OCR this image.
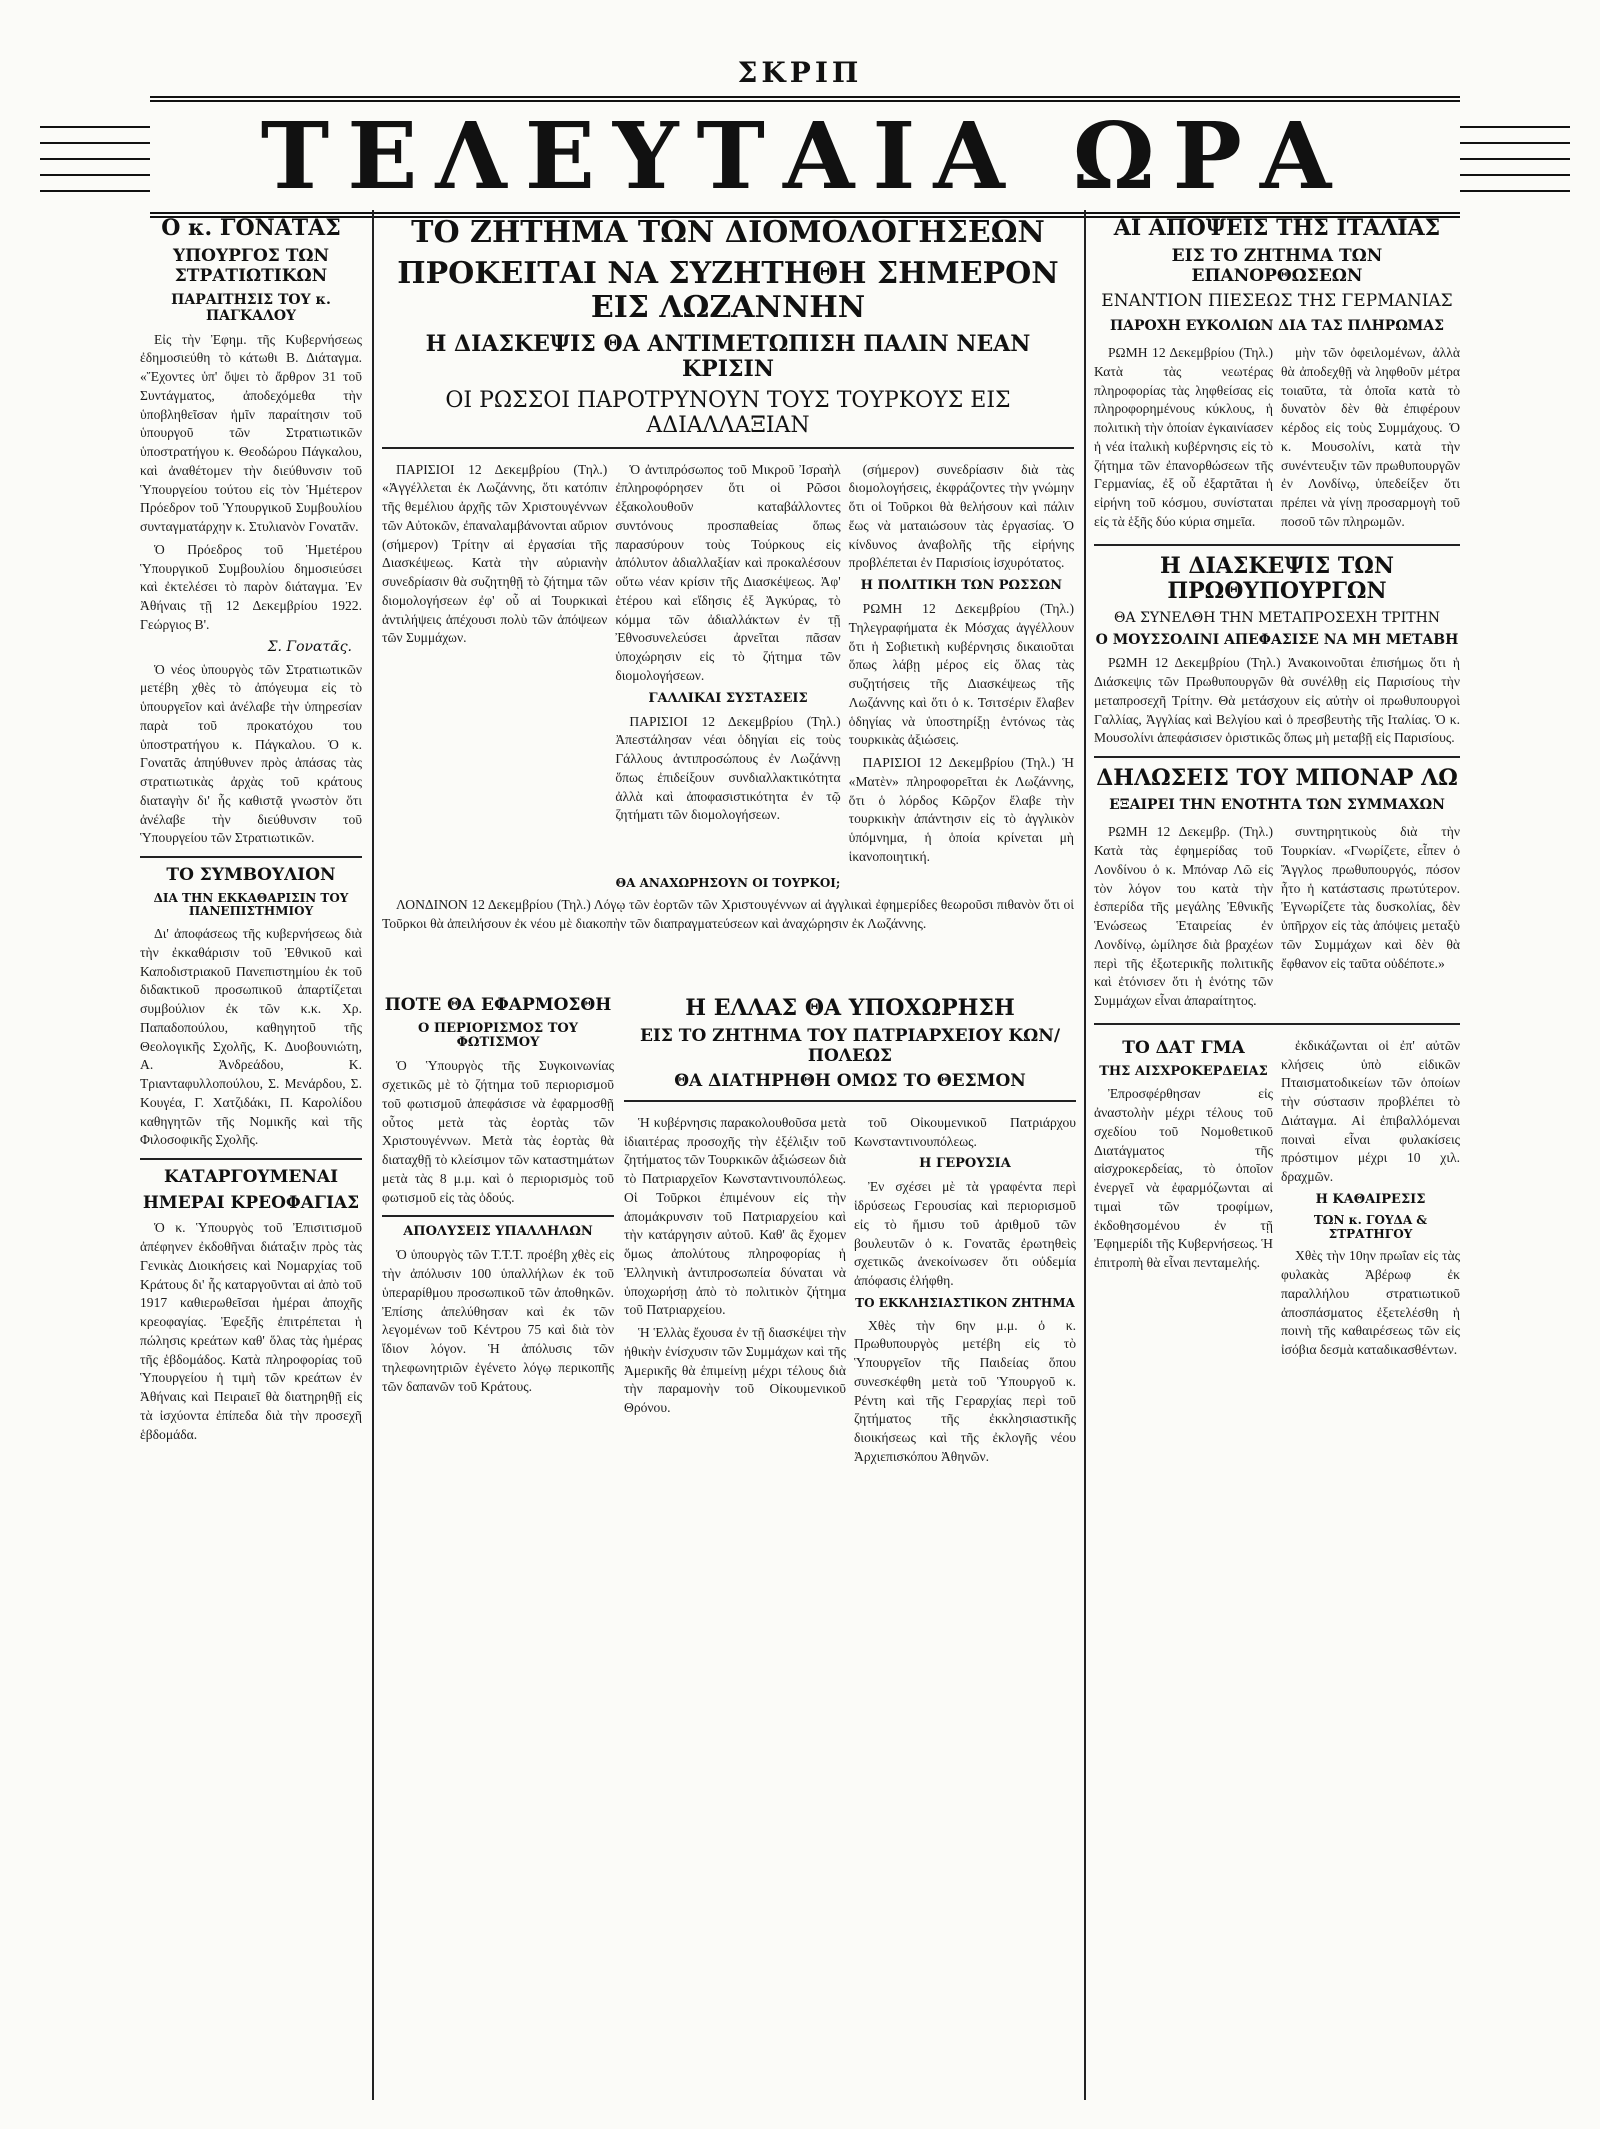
ΣΚΡΙΠ
ΤΕΛΕΥΤΑΙΑ ΩΡΑ
Ο κ. ΓΟΝΑΤΑΣ
ΥΠΟΥΡΓΟΣ ΤΩΝ ΣΤΡΑΤΙΩΤΙΚΩΝ
ΠΑΡΑΙΤΗΣΙΣ ΤΟΥ κ. ΠΑΓΚΑΛΟΥ

Εἰς τὴν Ἐφημ. τῆς Κυβερνήσεως ἐδημοσιεύθη τὸ κάτωθι Β. Διάταγμα. «Ἔχοντες ὑπ' ὄψει τὸ ἄρθρον 31 τοῦ Συντάγματος, ἀποδεχόμεθα τὴν ὑποβληθεῖσαν ἡμῖν παραίτησιν τοῦ ὑπουργοῦ τῶν Στρατιωτικῶν ὑποστρατήγου κ. Θεοδώρου Πάγκαλου, καὶ ἀναθέτομεν τὴν διεύθυνσιν τοῦ Ὑπουργείου τούτου εἰς τὸν Ἡμέτερον Πρόεδρον τοῦ Ὑπουργικοῦ Συμβουλίου συνταγματάρχην κ. Στυλιανὸν Γονατᾶν.

Ὁ Πρόεδρος τοῦ Ἡμετέρου Ὑπουργικοῦ Συμβουλίου δημοσιεύσει καὶ ἐκτελέσει τὸ παρὸν διάταγμα. Ἐν Ἀθήναις τῇ 12 Δεκεμβρίου 1922. Γεώργιος Β'.

Σ. Γονατᾶς.

Ὁ νέος ὑπουργὸς τῶν Στρατιωτικῶν μετέβη χθὲς τὸ ἀπόγευμα εἰς τὸ ὑπουργεῖον καὶ ἀνέλαβε τὴν ὑπηρεσίαν παρὰ τοῦ προκατόχου του ὑποστρατήγου κ. Πάγκαλου. Ὁ κ. Γονατᾶς ἀπηύθυνεν πρὸς ἁπάσας τὰς στρατιωτικὰς ἀρχὰς τοῦ κράτους διαταγὴν δι' ἧς καθιστᾷ γνωστὸν ὅτι ἀνέλαβε τὴν διεύθυνσιν τοῦ Ὑπουργείου τῶν Στρατιωτικῶν.

ΤΟ ΣΥΜΒΟΥΛΙΟΝ
ΔΙΑ ΤΗΝ ΕΚΚΑΘΑΡΙΣΙΝ ΤΟΥ ΠΑΝΕΠΙΣΤΗΜΙΟΥ

Δι' ἀποφάσεως τῆς κυβερνήσεως διὰ τὴν ἐκκαθάρισιν τοῦ Ἐθνικοῦ καὶ Καποδιστριακοῦ Πανεπιστημίου ἐκ τοῦ διδακτικοῦ προσωπικοῦ ἀπαρτίζεται συμβούλιον ἐκ τῶν κ.κ. Χρ. Παπαδοπούλου, καθηγητοῦ τῆς Θεολογικῆς Σχολῆς, Κ. Δυοβουνιώτη, Α. Ἀνδρεάδου, Κ. Τριανταφυλλοπούλου, Σ. Μενάρδου, Σ. Κουγέα, Γ. Χατζιδάκι, Π. Καρολίδου καθηγητῶν τῆς Νομικῆς καὶ τῆς Φιλοσοφικῆς Σχολῆς.

ΚΑΤΑΡΓΟΥΜΕΝΑΙ
ΗΜΕΡΑΙ ΚΡΕΟΦΑΓΙΑΣ

Ὁ κ. Ὑπουργὸς τοῦ Ἐπισιτισμοῦ ἀπέφηνεν ἐκδοθῆναι διάταξιν πρὸς τὰς Γενικὰς Διοικήσεις καὶ Νομαρχίας τοῦ Κράτους δι' ἧς καταργοῦνται αἱ ἀπὸ τοῦ 1917 καθιερωθεῖσαι ἡμέραι ἀποχῆς κρεοφαγίας. Ἐφεξῆς ἐπιτρέπεται ἡ πώλησις κρεάτων καθ' ὅλας τὰς ἡμέρας τῆς ἑβδομάδος. Κατὰ πληροφορίας τοῦ Ὑπουργείου ἡ τιμὴ τῶν κρεάτων ἐν Ἀθήναις καὶ Πειραιεῖ θὰ διατηρηθῇ εἰς τὰ ἰσχύοντα ἐπίπεδα διὰ τὴν προσεχῆ ἑβδομάδα.

ΤΟ ΖΗΤΗΜΑ ΤΩΝ ΔΙΟΜΟΛΟΓΗΣΕΩΝ
ΠΡΟΚΕΙΤΑΙ ΝΑ ΣΥΖΗΤΗΘΗ ΣΗΜΕΡΟΝ ΕΙΣ ΛΩΖΑΝΝΗΝ
Η ΔΙΑΣΚΕΨΙΣ ΘΑ ΑΝΤΙΜΕΤΩΠΙΣΗ ΠΑΛΙΝ ΝΕΑΝ ΚΡΙΣΙΝ
ΟΙ ΡΩΣΣΟΙ ΠΑΡΟΤΡΥΝΟΥΝ ΤΟΥΣ ΤΟΥΡΚΟΥΣ ΕΙΣ ΑΔΙΑΛΛΑΞΙΑΝ

ΠΑΡΙΣΙΟΙ 12 Δεκεμβρίου (Τηλ.) «Ἀγγέλλεται ἐκ Λωζάννης, ὅτι κατόπιν τῆς θεμέλιου ἀρχῆς τῶν Χριστουγέννων τῶν Αὐτοκῶν, ἐπαναλαμβάνονται αὔριον (σήμερον) Τρίτην αἱ ἐργασίαι τῆς Διασκέψεως. Κατὰ τὴν αὐριανὴν συνεδρίασιν θὰ συζητηθῇ τὸ ζήτημα τῶν διομολογήσεων ἐφ' οὗ αἱ Τουρκικαὶ ἀντιλήψεις ἀπέχουσι πολὺ τῶν ἀπόψεων τῶν Συμμάχων.

Ὁ ἀντιπρόσωπος τοῦ Μικροῦ Ἰσραὴλ ἐπληροφόρησεν ὅτι οἱ Ρῶσοι ἐξακολουθοῦν καταβάλλοντες συντόνους προσπαθείας ὅπως παρασύρουν τοὺς Τούρκους εἰς ἀπόλυτον ἀδιαλλαξίαν καὶ προκαλέσουν οὕτω νέαν κρίσιν τῆς Διασκέψεως. Ἀφ' ἑτέρου καὶ εἴδησις ἐξ Ἀγκύρας, τὸ κόμμα τῶν ἀδιαλλάκτων ἐν τῇ Ἐθνοσυνελεύσει ἀρνεῖται πᾶσαν ὑποχώρησιν εἰς τὸ ζήτημα τῶν διομολογήσεων.

ΓΑΛΛΙΚΑΙ ΣΥΣΤΑΣΕΙΣ

ΠΑΡΙΣΙΟΙ 12 Δεκεμβρίου (Τηλ.) Ἀπεστάλησαν νέαι ὁδηγίαι εἰς τοὺς Γάλλους ἀντιπροσώπους ἐν Λωζάννῃ ὅπως ἐπιδείξουν συνδιαλλακτικότητα ἀλλὰ καὶ ἀποφασιστικότητα ἐν τῷ ζητήματι τῶν διομολογήσεων.

(σήμερον) συνεδρίασιν διὰ τὰς διομολογήσεις, ἐκφράζοντες τὴν γνώμην ὅτι οἱ Τοῦρκοι θὰ θελήσουν καὶ πάλιν ἔως νὰ ματαιώσουν τὰς ἐργασίας. Ὁ κίνδυνος ἀναβολῆς τῆς εἰρήνης προβλέπεται ἐν Παρισίοις ἰσχυρότατος.

Η ΠΟΛΙΤΙΚΗ ΤΩΝ ΡΩΣΣΩΝ

ΡΩΜΗ 12 Δεκεμβρίου (Τηλ.) Τηλεγραφήματα ἐκ Μόσχας ἀγγέλλουν ὅτι ἡ Σοβιετικὴ κυβέρνησις δικαιοῦται ὅπως λάβῃ μέρος εἰς ὅλας τὰς συζητήσεις τῆς Διασκέψεως τῆς Λωζάννης καὶ ὅτι ὁ κ. Τσιτσέριν ἔλαβεν ὁδηγίας νὰ ὑποστηρίξῃ ἐντόνως τὰς τουρκικὰς ἀξιώσεις.

ΠΑΡΙΣΙΟΙ 12 Δεκεμβρίου (Τηλ.) Ἡ «Ματὲν» πληροφορεῖται ἐκ Λωζάννης, ὅτι ὁ λόρδος Κῶρζον ἔλαβε τὴν τουρκικὴν ἀπάντησιν εἰς τὸ ἀγγλικὸν ὑπόμνημα, ἡ ὁποία κρίνεται μὴ ἱκανοποιητική.

ΘΑ ΑΝΑΧΩΡΗΣΟΥΝ ΟΙ ΤΟΥΡΚΟΙ;

ΛΟΝΔΙΝΟΝ 12 Δεκεμβρίου (Τηλ.) Λόγῳ τῶν ἑορτῶν τῶν Χριστουγέννων αἱ ἀγγλικαὶ ἐφημερίδες θεωροῦσι πιθανὸν ὅτι οἱ Τοῦρκοι θὰ ἀπειλήσουν ἐκ νέου μὲ διακοπὴν τῶν διαπραγματεύσεων καὶ ἀναχώρησιν ἐκ Λωζάννης.

ΠΟΤΕ ΘΑ ΕΦΑΡΜΟΣΘΗ
Ο ΠΕΡΙΟΡΙΣΜΟΣ ΤΟΥ ΦΩΤΙΣΜΟΥ

Ὁ Ὑπουργὸς τῆς Συγκοινωνίας σχετικῶς μὲ τὸ ζήτημα τοῦ περιορισμοῦ τοῦ φωτισμοῦ ἀπεφάσισε νὰ ἐφαρμοσθῇ οὗτος μετὰ τὰς ἑορτὰς τῶν Χριστουγέννων. Μετὰ τὰς ἑορτὰς θὰ διαταχθῇ τὸ κλείσιμον τῶν καταστημάτων μετὰ τὰς 8 μ.μ. καὶ ὁ περιορισμὸς τοῦ φωτισμοῦ εἰς τὰς ὁδούς.

ΑΠΟΛΥΣΕΙΣ ΥΠΑΛΛΗΛΩΝ

Ὁ ὑπουργὸς τῶν Τ.Τ.Τ. προέβη χθὲς εἰς τὴν ἀπόλυσιν 100 ὑπαλλήλων ἐκ τοῦ ὑπεραρίθμου προσωπικοῦ τῶν ἀποθηκῶν. Ἐπίσης ἀπελύθησαν καὶ ἐκ τῶν λεγομένων τοῦ Κέντρου 75 καὶ διὰ τὸν ἴδιον λόγον. Ἡ ἀπόλυσις τῶν τηλεφωνητριῶν ἐγένετο λόγῳ περικοπῆς τῶν δαπανῶν τοῦ Κράτους.

Η ΕΛΛΑΣ ΘΑ ΥΠΟΧΩΡΗΣΗ
ΕΙΣ ΤΟ ΖΗΤΗΜΑ ΤΟΥ ΠΑΤΡΙΑΡΧΕΙΟΥ ΚΩΝ/ΠΟΛΕΩΣ
ΘΑ ΔΙΑΤΗΡΗΘΗ ΟΜΩΣ ΤΟ ΘΕΣΜΟΝ

Ἡ κυβέρνησις παρακολουθοῦσα μετὰ ἰδιαιτέρας προσοχῆς τὴν ἐξέλιξιν τοῦ ζητήματος τῶν Τουρκικῶν ἀξιώσεων διὰ τὸ Πατριαρχεῖον Κωνσταντινουπόλεως. Οἱ Τοῦρκοι ἐπιμένουν εἰς τὴν ἀπομάκρυνσιν τοῦ Πατριαρχείου καὶ τὴν κατάργησιν αὐτοῦ. Καθ' ἃς ἔχομεν ὅμως ἀπολύτους πληροφορίας ἡ Ἑλληνικὴ ἀντιπροσωπεία δύναται νὰ ὑποχωρήσῃ ἀπὸ τὸ πολιτικὸν ζήτημα τοῦ Πατριαρχείου.

Ἡ Ἑλλὰς ἔχουσα ἐν τῇ διασκέψει τὴν ἠθικὴν ἐνίσχυσιν τῶν Συμμάχων καὶ τῆς Ἀμερικῆς θὰ ἐπιμείνῃ μέχρι τέλους διὰ τὴν παραμονὴν τοῦ Οἰκουμενικοῦ Θρόνου.

τοῦ Οἰκουμενικοῦ Πατριάρχου Κωνσταντινουπόλεως.

Η ΓΕΡΟΥΣΙΑ

Ἐν σχέσει μὲ τὰ γραφέντα περὶ ἱδρύσεως Γερουσίας καὶ περιορισμοῦ εἰς τὸ ἥμισυ τοῦ ἀριθμοῦ τῶν βουλευτῶν ὁ κ. Γονατᾶς ἐρωτηθεὶς σχετικῶς ἀνεκοίνωσεν ὅτι οὐδεμία ἀπόφασις ἐλήφθη.

ΤΟ ΕΚΚΛΗΣΙΑΣΤΙΚΟΝ ΖΗΤΗΜΑ

Χθὲς τὴν 6ην μ.μ. ὁ κ. Πρωθυπουργὸς μετέβη εἰς τὸ Ὑπουργεῖον τῆς Παιδείας ὅπου συνεσκέφθη μετὰ τοῦ Ὑπουργοῦ κ. Ρέντη καὶ τῆς Γεραρχίας περὶ τοῦ ζητήματος τῆς ἐκκλησιαστικῆς διοικήσεως καὶ τῆς ἐκλογῆς νέου Ἀρχιεπισκόπου Ἀθηνῶν.

ΑΙ ΑΠΟΨΕΙΣ ΤΗΣ ΙΤΑΛΙΑΣ
ΕΙΣ ΤΟ ΖΗΤΗΜΑ ΤΩΝ ΕΠΑΝΟΡΘΩΣΕΩΝ
ΕΝΑΝΤΙΟΝ ΠΙΕΣΕΩΣ ΤΗΣ ΓΕΡΜΑΝΙΑΣ
ΠΑΡΟΧΗ ΕΥΚΟΛΙΩΝ ΔΙΑ ΤΑΣ ΠΛΗΡΩΜΑΣ

ΡΩΜΗ 12 Δεκεμβρίου (Τηλ.) Κατὰ τὰς νεωτέρας πληροφορίας τὰς ληφθείσας εἰς πληροφορημένους κύκλους, ἡ πολιτικὴ τὴν ὁποίαν ἐγκαινίασεν ἡ νέα ἰταλικὴ κυβέρνησις εἰς τὸ ζήτημα τῶν ἐπανορθώσεων τῆς Γερμανίας, ἐξ οὗ ἐξαρτᾶται ἡ εἰρήνη τοῦ κόσμου, συνίσταται εἰς τὰ ἑξῆς δύο κύρια σημεῖα.

μὴν τῶν ὀφειλομένων, ἀλλὰ θὰ ἀποδεχθῇ νὰ ληφθοῦν μέτρα τοιαῦτα, τὰ ὁποῖα κατὰ τὸ δυνατὸν δὲν θὰ ἐπιφέρουν κέρδος εἰς τοὺς Συμμάχους. Ὁ κ. Μουσολίνι, κατὰ τὴν συνέντευξιν τῶν πρωθυπουργῶν ἐν Λονδίνῳ, ὑπεδείξεν ὅτι πρέπει νὰ γίνῃ προσαρμογὴ τοῦ ποσοῦ τῶν πληρωμῶν.

Η ΔΙΑΣΚΕΨΙΣ ΤΩΝ ΠΡΩΘΥΠΟΥΡΓΩΝ
ΘΑ ΣΥΝΕΛΘΗ ΤΗΝ ΜΕΤΑΠΡΟΣΕΧΗ ΤΡΙΤΗΝ
Ο ΜΟΥΣΣΟΛΙΝΙ ΑΠΕΦΑΣΙΣΕ ΝΑ ΜΗ ΜΕΤΑΒΗ

ΡΩΜΗ 12 Δεκεμβρίου (Τηλ.) Ἀνακοινοῦται ἐπισήμως ὅτι ἡ Διάσκεψις τῶν Πρωθυπουργῶν θὰ συνέλθῃ εἰς Παρισίους τὴν μεταπροσεχῆ Τρίτην. Θὰ μετάσχουν εἰς αὐτὴν οἱ πρωθυπουργοὶ Γαλλίας, Ἀγγλίας καὶ Βελγίου καὶ ὁ πρεσβευτὴς τῆς Ιταλίας. Ὁ κ. Μουσολίνι ἀπεφάσισεν ὁριστικῶς ὅπως μὴ μεταβῇ εἰς Παρισίους.

ΔΗΛΩΣΕΙΣ ΤΟΥ ΜΠΟΝΑΡ ΛΩ
ΕΞΑΙΡΕΙ ΤΗΝ ΕΝΟΤΗΤΑ ΤΩΝ ΣΥΜΜΑΧΩΝ

ΡΩΜΗ 12 Δεκεμβρ. (Τηλ.) Κατὰ τὰς ἐφημερίδας τοῦ Λονδίνου ὁ κ. Μπόναρ Λῶ εἰς τὸν λόγον του κατὰ τὴν ἑσπερίδα τῆς μεγάλης Ἐθνικῆς Ἑνώσεως Ἑταιρείας ἐν Λονδίνῳ, ὡμίλησε διὰ βραχέων περὶ τῆς ἐξωτερικῆς πολιτικῆς καὶ ἐτόνισεν ὅτι ἡ ἑνότης τῶν Συμμάχων εἶναι ἀπαραίτητος.

συντηρητικοὺς διὰ τὴν Τουρκίαν. «Γνωρίζετε, εἶπεν ὁ Ἄγγλος πρωθυπουργός, πόσον ἦτο ἡ κατάστασις πρωτύτερον. Ἐγνωρίζετε τὰς δυσκολίας, δὲν ὑπῆρχον εἰς τὰς ἀπόψεις μεταξὺ τῶν Συμμάχων καὶ δὲν θὰ ἔφθανον εἰς ταῦτα οὐδέποτε.»

ΤΟ ΔΑΤ ΓΜΑ
ΤΗΣ ΑΙΣΧΡΟΚΕΡΔΕΙΑΣ

Ἐπροσφέρθησαν εἰς ἀναστολὴν μέχρι τέλους τοῦ σχεδίου τοῦ Νομοθετικοῦ Διατάγματος τῆς αἰσχροκερδείας, τὸ ὁποῖον ἐνεργεῖ νὰ ἐφαρμόζωνται αἱ τιμαὶ τῶν τροφίμων, ἐκδοθησομένου ἐν τῇ Ἐφημερίδι τῆς Κυβερνήσεως. Ἡ ἐπιτροπὴ θὰ εἶναι πενταμελής.

ἐκδικάζωνται οἱ ἐπ' αὐτῶν κλήσεις ὑπὸ εἰδικῶν Πταισματοδικείων τῶν ὁποίων τὴν σύστασιν προβλέπει τὸ Διάταγμα. Αἱ ἐπιβαλλόμεναι ποιναὶ εἶναι φυλακίσεις πρόστιμον μέχρι 10 χιλ. δραχμῶν.

Η ΚΑΘΑΙΡΕΣΙΣ
ΤΩΝ κ. ΓΟΥΔΑ & ΣΤΡΑΤΗΓΟΥ

Χθὲς τὴν 10ην πρωΐαν εἰς τὰς φυλακὰς Ἀβέρωφ ἐκ παραλλήλου στρατιωτικοῦ ἀποσπάσματος ἐξετελέσθη ἡ ποινὴ τῆς καθαιρέσεως τῶν εἰς ἰσόβια δεσμὰ καταδικασθέντων.
